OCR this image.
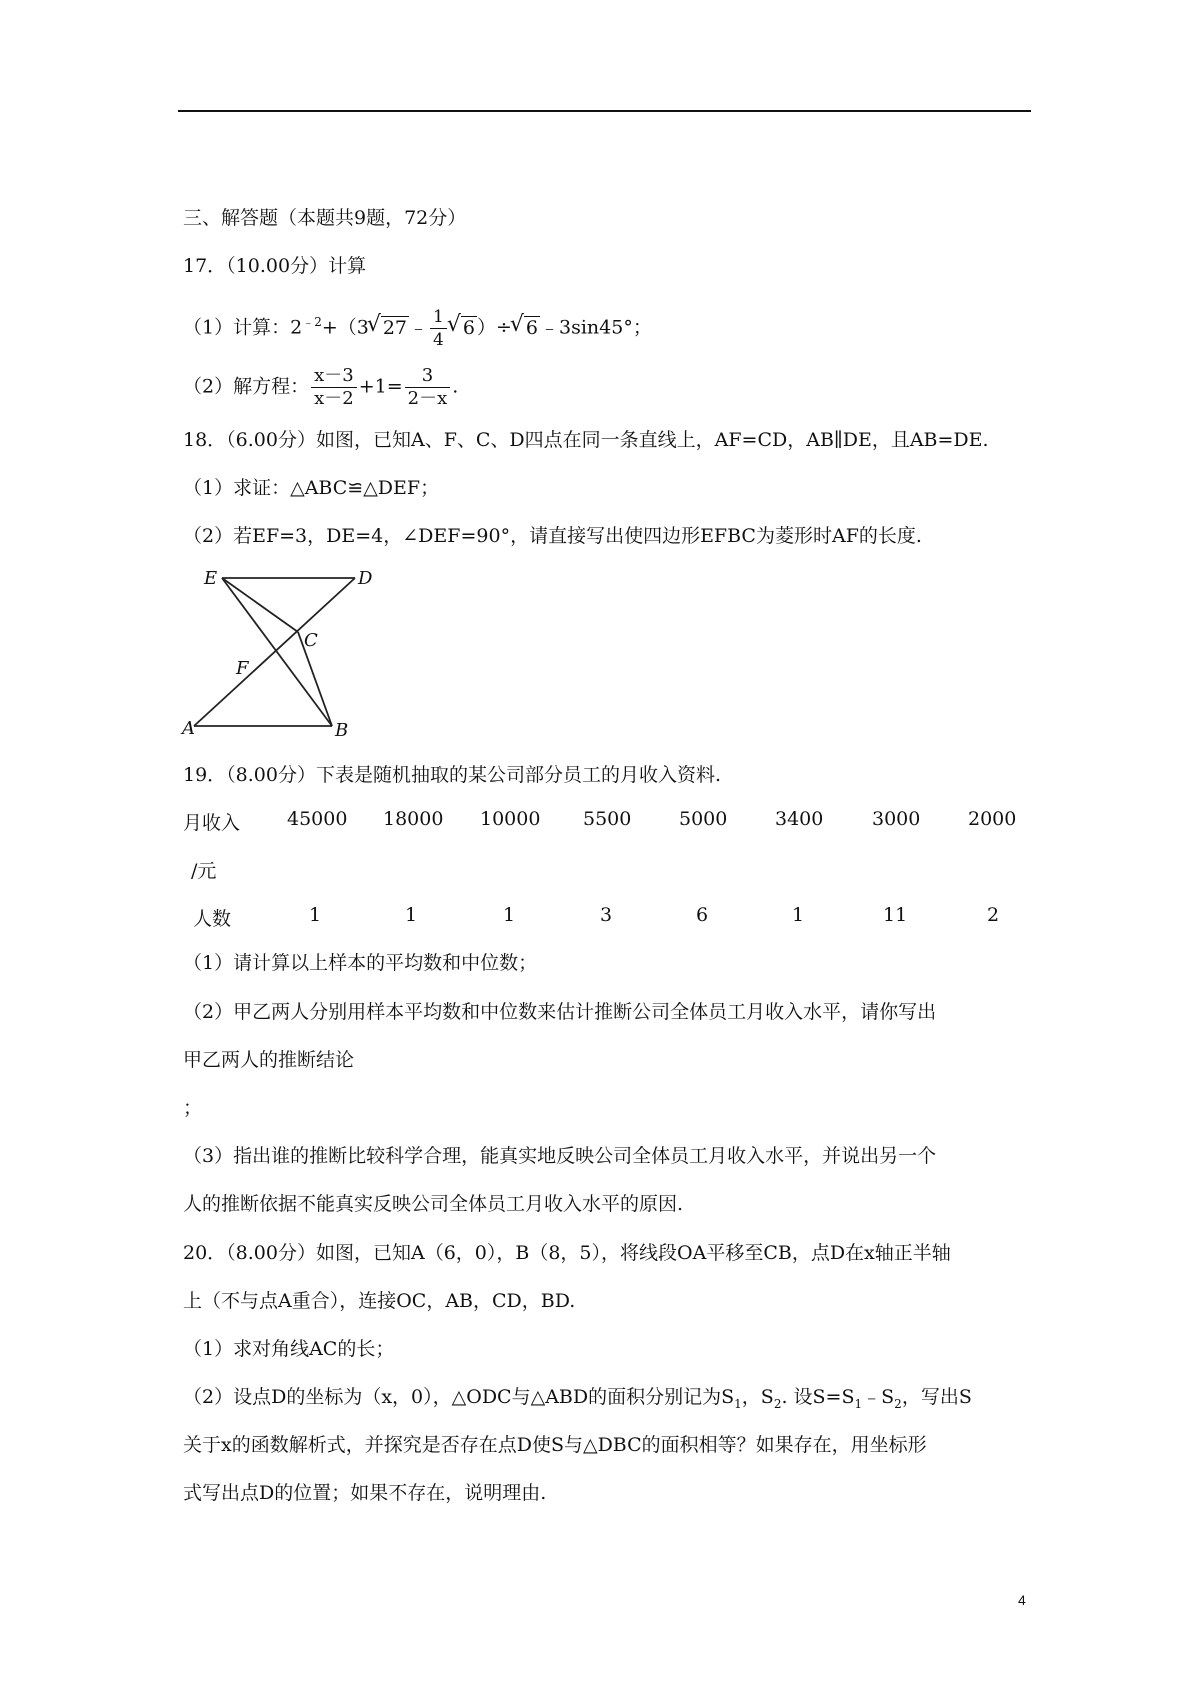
三、解答题（本题共9题，72分）
17．（10.00分）计算
（1）计算：$2^{﹣2}+(3√$ 27 ﹣ $\frac{1}{4}$
√ 6 ）÷√ 6 ﹣3sin45°；
（2）解方程： $\frac{x-3}{x-2} +1= \frac{3}{2-x}$ .
18．（6.00分）如图，已知A、F、C、D四点在同一条直线上，AF=CD，AB∥DE，且AB=DE.
（1）求证：△ABC≌△DEF；
（2）若EF=3，DE=4，∠DEF=90°，请直接写出使四边形EFBC为菱形时AF的长度.
E	D
C
F
A	B
19．（8.00分）下表是随机抽取的某公司部分员工的月收入资料.
月收入 45000 18000 10000 5500	5000	3400	3000	2000
/元
人数	1	1	1	3	6	1	11	2
（1）请计算以上样本的平均数和中位数；
（2）甲乙两人分别用样本平均数和中位数来估计推断公司全体员工月收入水平，请你写出
甲乙两人的推断结论
；
（3）指出谁的推断比较科学合理，能真实地反映公司全体员工月收入水平，并说出另一个
人的推断依据不能真实反映公司全体员工月收入水平的原因.
20．（8.00分）如图，已知A（6，0），B（8，5），将线段OA平移至CB，点D在x轴正半轴
上（不与点A重合），连接OC，AB，CD，BD.
（1）求对角线AC的长；
（2）设点D的坐标为（x，0），△ODC与△ABD的面积分别记为$S_1$，$S_2$. 设$S=S_1﹣S_2$，写出S
关于x的函数解析式，并探究是否存在点D使S与△DBC的面积相等？如果存在，用坐标形
式写出点D的位置；如果不存在，说明理由.
4
